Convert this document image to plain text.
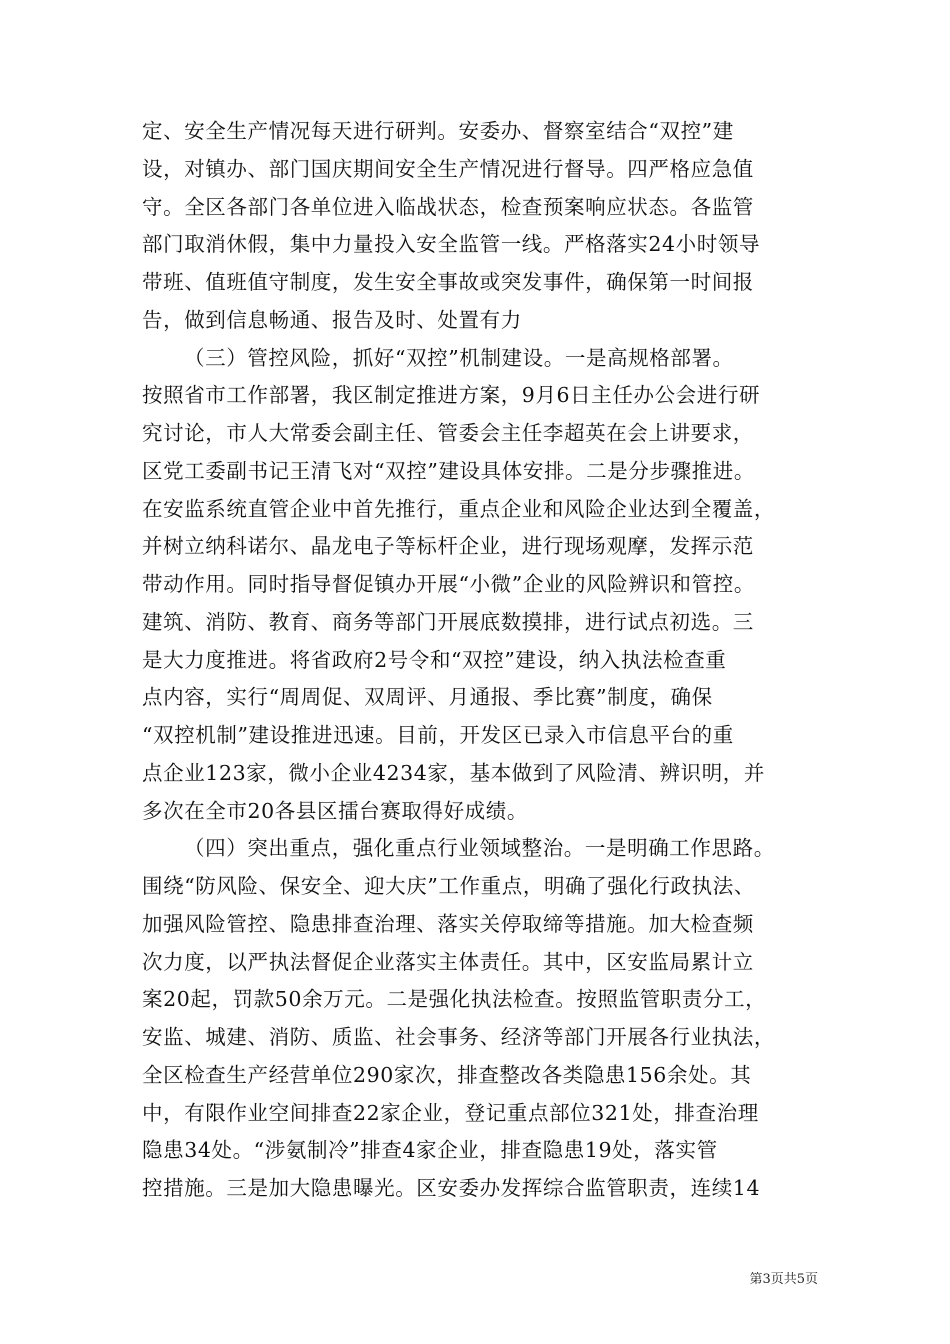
定、安全生产情况每天进行研判。安委办、督察室结合“双控”建
设，对镇办、部门国庆期间安全生产情况进行督导。四严格应急值
守。全区各部门各单位进入临战状态，检查预案响应状态。各监管
部门取消休假，集中力量投入安全监管一线。严格落实24小时领导
带班、值班值守制度，发生安全事故或突发事件，确保第一时间报
告，做到信息畅通、报告及时、处置有力
（三）管控风险，抓好“双控”机制建设。一是高规格部署。
按照省市工作部署，我区制定推进方案，9月6日主任办公会进行研
究讨论，市人大常委会副主任、管委会主任李超英在会上讲要求，
区党工委副书记王清飞对“双控”建设具体安排。二是分步骤推进。
在安监系统直管企业中首先推行，重点企业和风险企业达到全覆盖，
并树立纳科诺尔、晶龙电子等标杆企业，进行现场观摩，发挥示范
带动作用。同时指导督促镇办开展“小微”企业的风险辨识和管控。
建筑、消防、教育、商务等部门开展底数摸排，进行试点初选。三
是大力度推进。将省政府2号令和“双控”建设，纳入执法检查重
点内容，实行“周周促、双周评、月通报、季比赛”制度，确保
“双控机制”建设推进迅速。目前，开发区已录入市信息平台的重
点企业123家，微小企业4234家，基本做到了风险清、辨识明，并
多次在全市20各县区擂台赛取得好成绩。
（四）突出重点，强化重点行业领域整治。一是明确工作思路。
围绕“防风险、保安全、迎大庆”工作重点，明确了强化行政执法、
加强风险管控、隐患排查治理、落实关停取缔等措施。加大检查频
次力度，以严执法督促企业落实主体责任。其中，区安监局累计立
案20起，罚款50余万元。二是强化执法检查。按照监管职责分工，
安监、城建、消防、质监、社会事务、经济等部门开展各行业执法，
全区检查生产经营单位290家次，排查整改各类隐患156余处。其
中，有限作业空间排查22家企业，登记重点部位321处，排查治理
隐患34处。“涉氨制冷”排查4家企业，排查隐患19处，落实管
控措施。三是加大隐患曝光。区安委办发挥综合监管职责，连续14
第3页共5页
